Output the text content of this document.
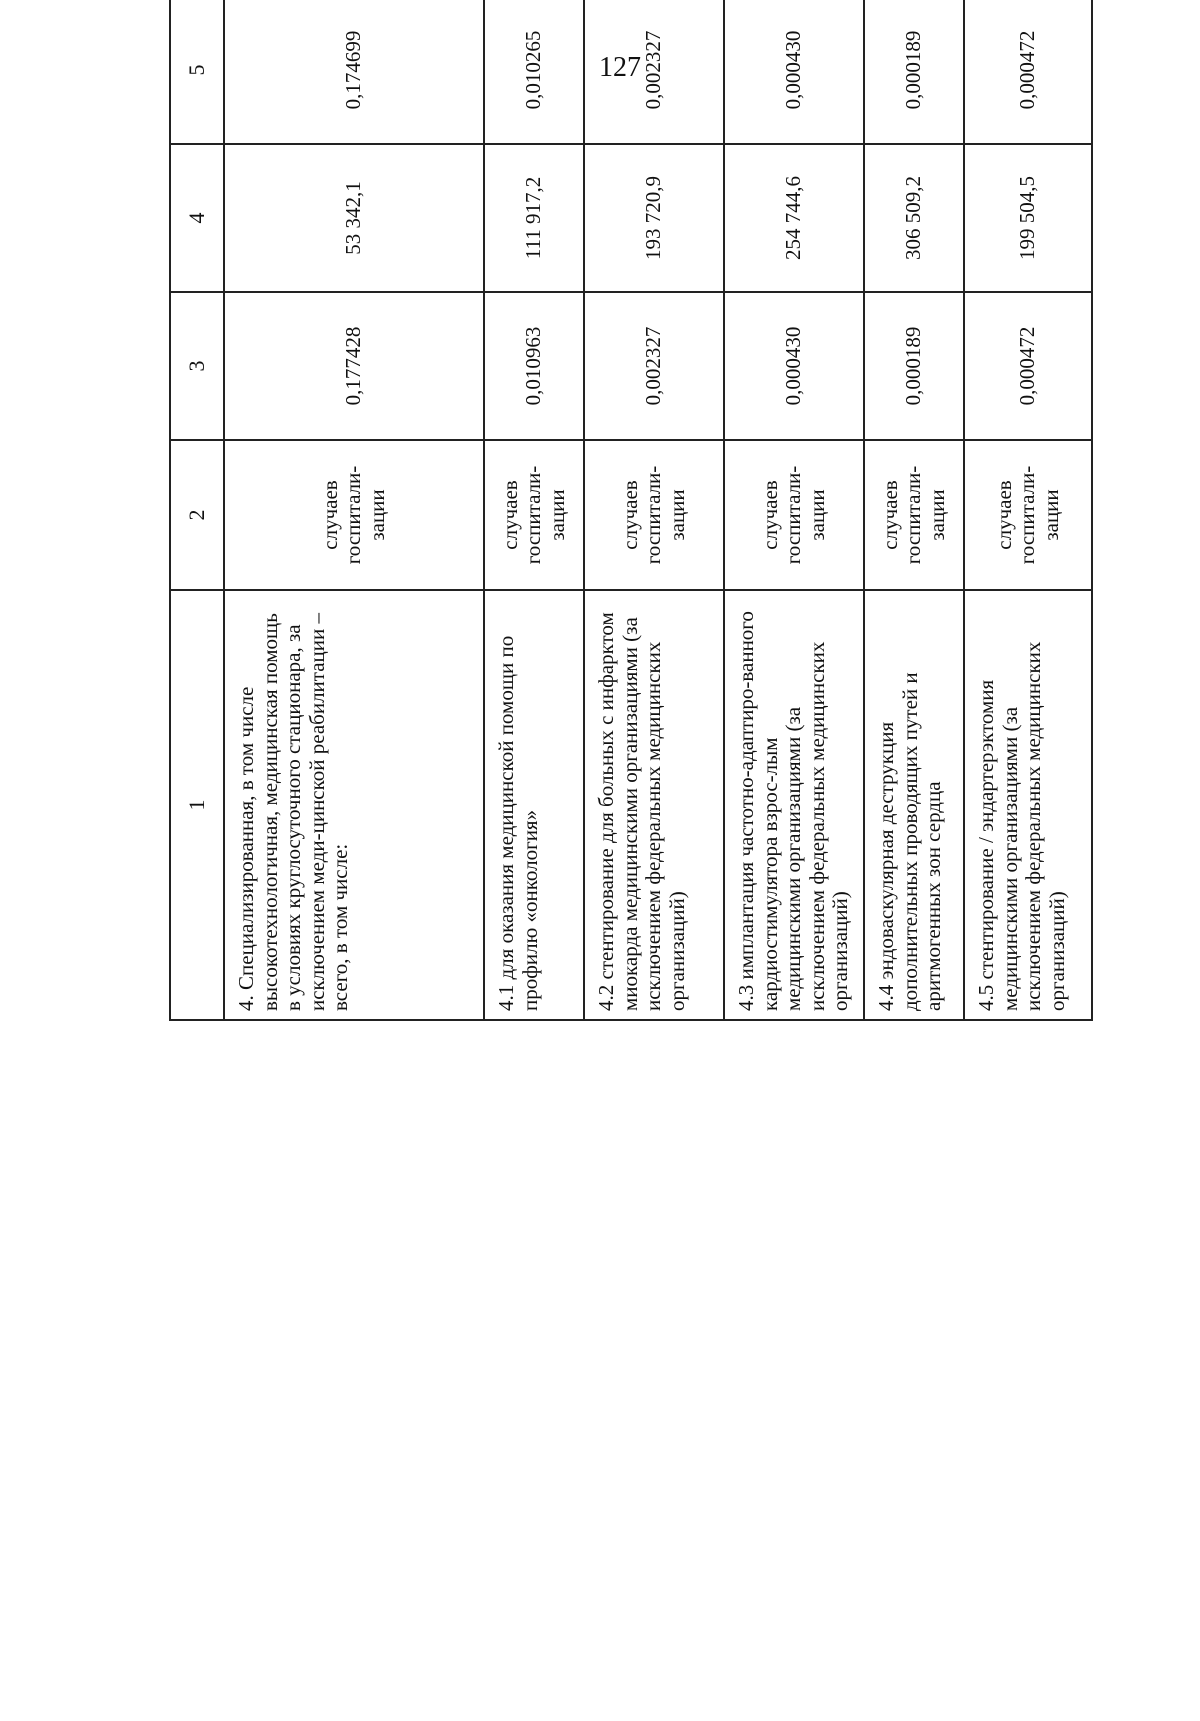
127
1	2	3	4	5			
4. Специализированная, в том числе высокотехнологичная, медицинская помощь в условиях круглосуточного стационара, за исключением меди-цинской реабилитации – всего, в том числе:	случаев госпитали-зации	0,177428	53 342,1	0,174699			
4.1 для оказания медицинской помощи по профилю «онкология»	случаев госпитали-зации	0,010963	111 917,2	0,010265			
4.2 стентирование для больных с инфарктом миокарда медицинскими организациями (за исключением федеральных медицинских организаций)	случаев госпитали-зации	0,002327	193 720,9	0,002327			
4.3 имплантация частотно-адаптиро-ванного кардиостимулятора взрос-лым медицинскими организациями (за исключением федеральных медицинских организаций)	случаев госпитали-зации	0,000430	254 744,6	0,000430			
4.4 эндоваскулярная деструкция дополнительных проводящих путей и аритмогенных зон сердца	случаев госпитали-зации	0,000189	306 509,2	0,000189			
4.5 стентирование / эндартерэктомия медицинскими организациями (за исключением федеральных медицинских организаций)	случаев госпитали-зации	0,000472	199 504,5	0,000472			
